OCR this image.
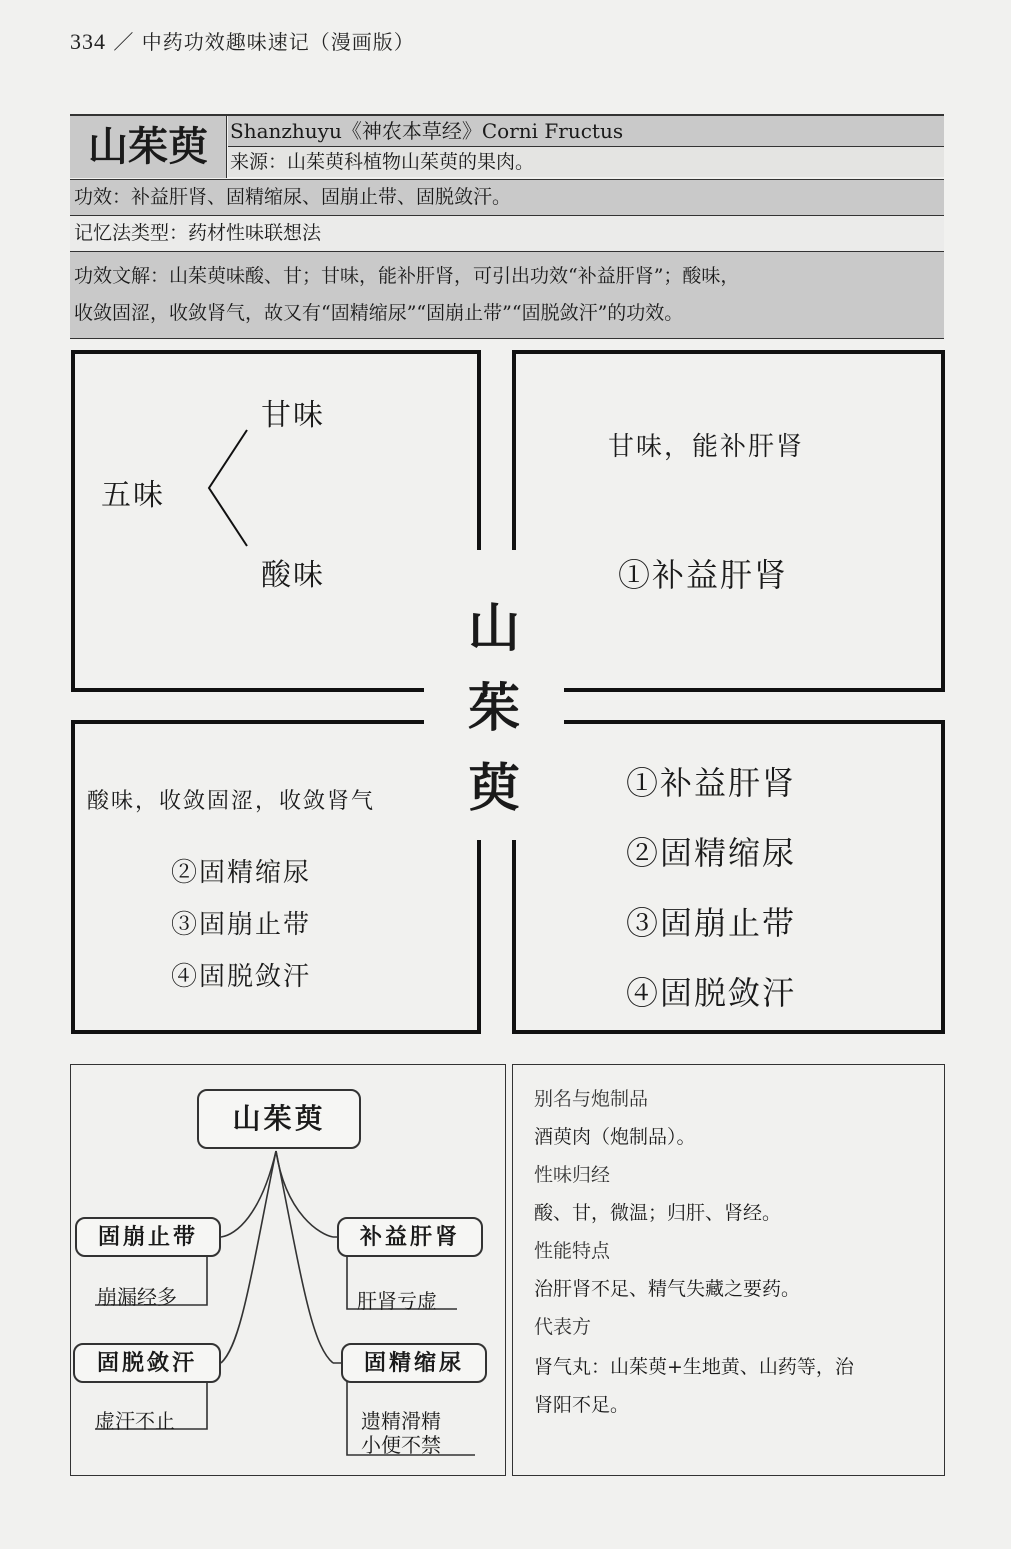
334 ／ 中药功效趣味速记（漫画版）
山茱萸	Shanzhuyu《神农本草经》Corni Fructus
来源：山茱萸科植物山茱萸的果肉。
功效：补益肝肾、固精缩尿、固崩止带、固脱敛汗。
记忆法类型：药材性味联想法
功效文解：山茱萸味酸、甘；甘味，能补肝肾，可引出功效“补益肝肾”；酸味，
收敛固涩，收敛肾气，故又有“固精缩尿”“固崩止带”“固脱敛汗”的功效。
五味
甘味
酸味
甘味，能补肝肾
①补益肝肾
酸味，收敛固涩，收敛肾气
②固精缩尿
③固崩止带
④固脱敛汗
①补益肝肾
②固精缩尿
③固崩止带
④固脱敛汗
山
茱
萸
山茱萸
固崩止带
崩漏经多
补益肝肾
肝肾亏虚
固脱敛汗
虚汗不止
固精缩尿
遗精滑精
小便不禁
别名与炮制品
酒萸肉（炮制品）。
性味归经
酸、甘，微温；归肝、肾经。
性能特点
治肝肾不足、精气失藏之要药。
代表方
肾气丸：山茱萸+生地黄、山药等，治
肾阳不足。
